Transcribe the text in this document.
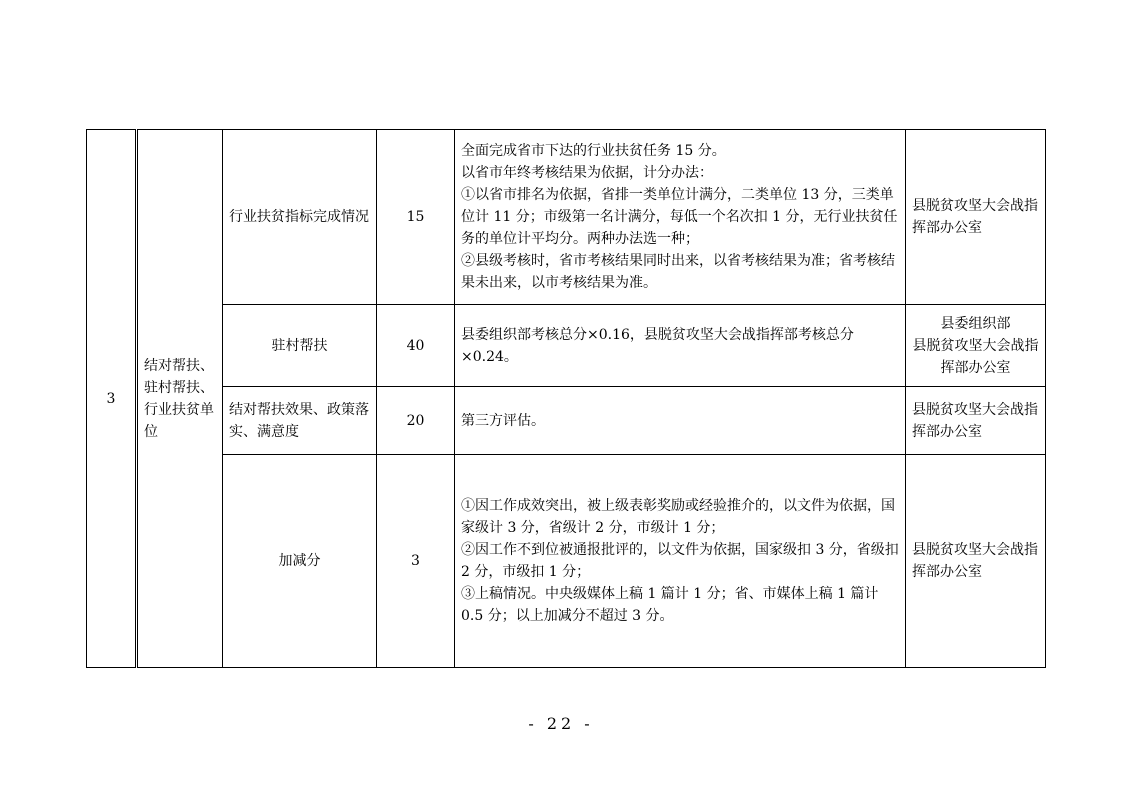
3	结对帮扶、驻村帮扶、行业扶贫单位	行业扶贫指标完成情况	15	全面完成省市下达的行业扶贫任务 15 分。
以省市年终考核结果为依据，计分办法：
①以省市排名为依据，省排一类单位计满分，二类单位 13 分，三类单位计 11 分；市级第一名计满分，每低一个名次扣 1 分，无行业扶贫任务的单位计平均分。两种办法选一种；
②县级考核时，省市考核结果同时出来，以省考核结果为准；省考核结果未出来，以市考核结果为准。	县脱贫攻坚大会战指挥部办公室

		驻村帮扶	40	县委组织部考核总分×0.16，县脱贫攻坚大会战指挥部考核总分×0.24。	县委组织部
县脱贫攻坚大会战指挥部办公室

		结对帮扶效果、政策落实、满意度	20	第三方评估。	县脱贫攻坚大会战指挥部办公室

		加减分	3	①因工作成效突出，被上级表彰奖励或经验推介的，以文件为依据，国家级计 3 分，省级计 2 分，市级计 1 分；
②因工作不到位被通报批评的，以文件为依据，国家级扣 3 分，省级扣 2 分，市级扣 1 分；
③上稿情况。中央级媒体上稿 1 篇计 1 分；省、市媒体上稿 1 篇计 0.5 分；以上加减分不超过 3 分。	县脱贫攻坚大会战指挥部办公室
- 22 -
